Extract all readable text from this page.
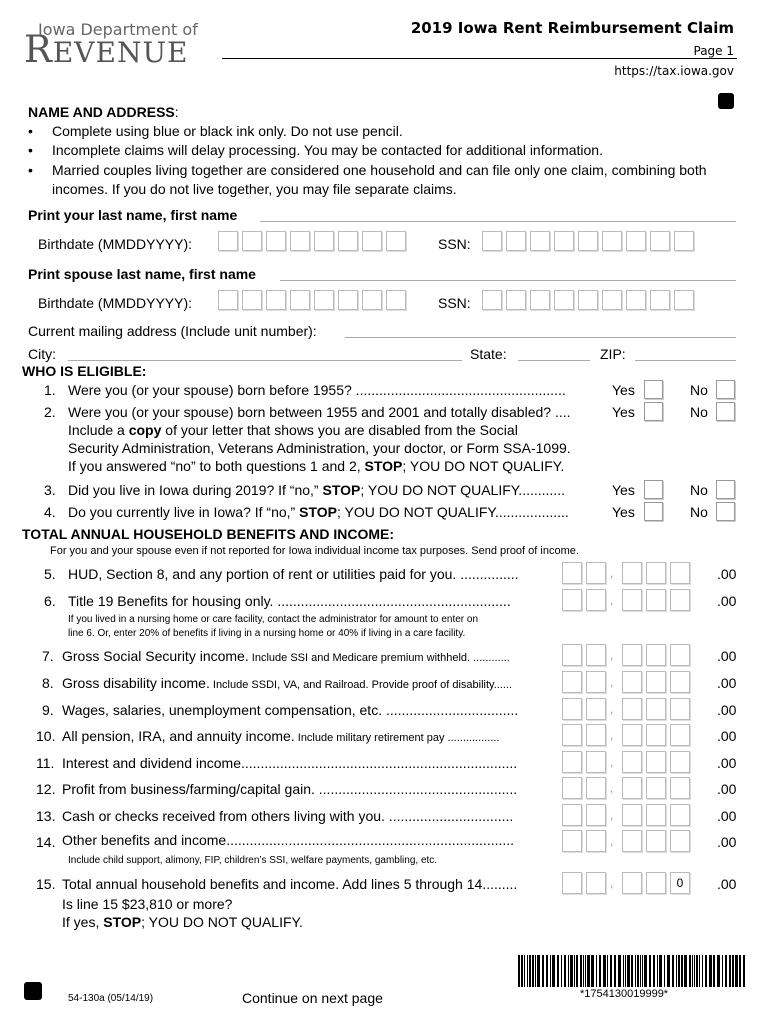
Iowa Department of
REVENUE
2019 Iowa Rent Reimbursement Claim
Page 1
https://tax.iowa.gov
NAME AND ADDRESS:
• Complete using blue or black ink only. Do not use pencil.
• Incomplete claims will delay processing. You may be contacted for additional information.
• Married couples living together are considered one household and can file only one claim, combining both incomes. If you do not live together, you may file separate claims.
Print your last name, first name
Birthdate (MMDDYYYY):	SSN:
Print spouse last name, first name
Birthdate (MMDDYYYY):	SSN:
Current mailing address (Include unit number):
City:	State:	ZIP:
WHO IS ELIGIBLE:
1. Were you (or your spouse) born before 1955? ......................................................	Yes	No
2. Were you (or your spouse) born between 1955 and 2001 and totally disabled? ....	Yes	No
Include a copy of your letter that shows you are disabled from the Social
Security Administration, Veterans Administration, your doctor, or Form SSA-1099.
If you answered “no” to both questions 1 and 2, STOP; YOU DO NOT QUALIFY.
3. Did you live in Iowa during 2019? If “no,” STOP; YOU DO NOT QUALIFY............	Yes	No
4. Do you currently live in Iowa? If “no,” STOP; YOU DO NOT QUALIFY...................	Yes	No
TOTAL ANNUAL HOUSEHOLD BENEFITS AND INCOME:
For you and your spouse even if not reported for Iowa individual income tax purposes. Send proof of income.
5. HUD, Section 8, and any portion of rent or utilities paid for you. ...............	,	.00
6. Title 19 Benefits for housing only. ............................................................	,	.00
If you lived in a nursing home or care facility, contact the administrator for amount to enter on
line 6. Or, enter 20% of benefits if living in a nursing home or 40% if living in a care facility.
7. Gross Social Security income. Include SSI and Medicare premium withheld. ............	,	.00
8. Gross disability income. Include SSDI, VA, and Railroad. Provide proof of disability......	,	.00
9. Wages, salaries, unemployment compensation, etc. ..................................	,	.00
10. All pension, IRA, and annuity income. Include military retirement pay .................	,	.00
11. Interest and dividend income.......................................................................	,	.00
12. Profit from business/farming/capital gain. ...................................................	,	.00
13. Cash or checks received from others living with you. ................................	,	.00
14. Other benefits and income..........................................................................	,	.00
Include child support, alimony, FIP, children’s SSI, welfare payments, gambling, etc.
15. Total annual household benefits and income. Add lines 5 through 14.........	,	0	.00
Is line 15 $23,810 or more?
If yes, STOP; YOU DO NOT QUALIFY.
54-130a (05/14/19)	Continue on next page	*1754130019999*
